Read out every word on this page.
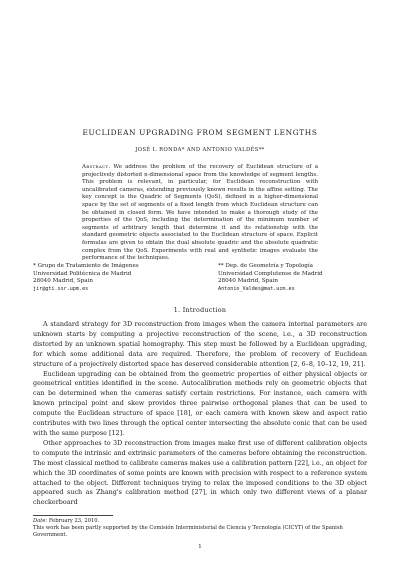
EUCLIDEAN UPGRADING FROM SEGMENT LENGTHS
JOSÉ I. RONDA* AND ANTONIO VALDÉS**
Abstract. We address the problem of the recovery of Euclidean structure of a projectively distorted n-dimensional space from the knowledge of segment lengths. This problem is relevant, in particular, for Euclidean reconstruction with uncalibrated cameras, extending previously known results in the affine setting. The key concept is the Quadric of Segments (QoS), defined in a higher-dimensional space by the set of segments of a fixed length from which Euclidean structure can be obtained in closed form. We have intended to make a thorough study of the properties of the QoS, including the determination of the minimum number of segments of arbitrary length that determine it and its relationship with the standard geometric objects associated to the Euclidean structure of space. Explicit formulas are given to obtain the dual absolute quadric and the absolute quadratic complex from the QoS. Experiments with real and synthetic images evaluate the performance of the techniques.
* Grupo de Tratamiento de Imágenes
Universidad Politécnica de Madrid
28040 Madrid, Spain
jir@gti.ssr.upm.es
** Dep. de Geometría y Topología
Universidad Complutense de Madrid
28040 Madrid, Spain
Antonio_Valdes@mat.ucm.es
1. Introduction

A standard strategy for 3D reconstruction from images when the camera internal parameters are unknown starts by computing a projective reconstruction of the scene, i.e., a 3D reconstruction distorted by an unknown spatial homography. This step must be followed by a Euclidean upgrading, for which some additional data are required. Therefore, the problem of recovery of Euclidean structure of a projectively distorted space has deserved considerable attention [2, 6–8, 10–12, 19, 21].

Euclidean upgrading can be obtained from the geometric properties of either physical objects or geometrical entities identified in the scene. Autocalibration methods rely on geometric objects that can be determined when the cameras satisfy certain restrictions. For instance, each camera with known principal point and skew provides three pairwise orthogonal planes that can be used to compute the Euclidean structure of space [18], or each camera with known skew and aspect ratio contributes with two lines through the optical center intersecting the absolute conic that can be used with the same purpose [12].

Other approaches to 3D reconstruction from images make first use of different calibration objects to compute the intrinsic and extrinsic parameters of the cameras before obtaining the reconstruction. The most classical method to calibrate cameras makes use a calibration pattern [22], i.e., an object for which the 3D coordinates of some points are known with precision with respect to a reference system attached to the object. Different techniques trying to relax the imposed conditions to the 3D object appeared such as Zhang's calibration method [27], in which only two different views of a planar checkerboard

Date: February 23, 2010.

This work has been partly supported by the Comisión Interministerial de Ciencia y Tecnología (CICYT) of the Spanish Government.

1
